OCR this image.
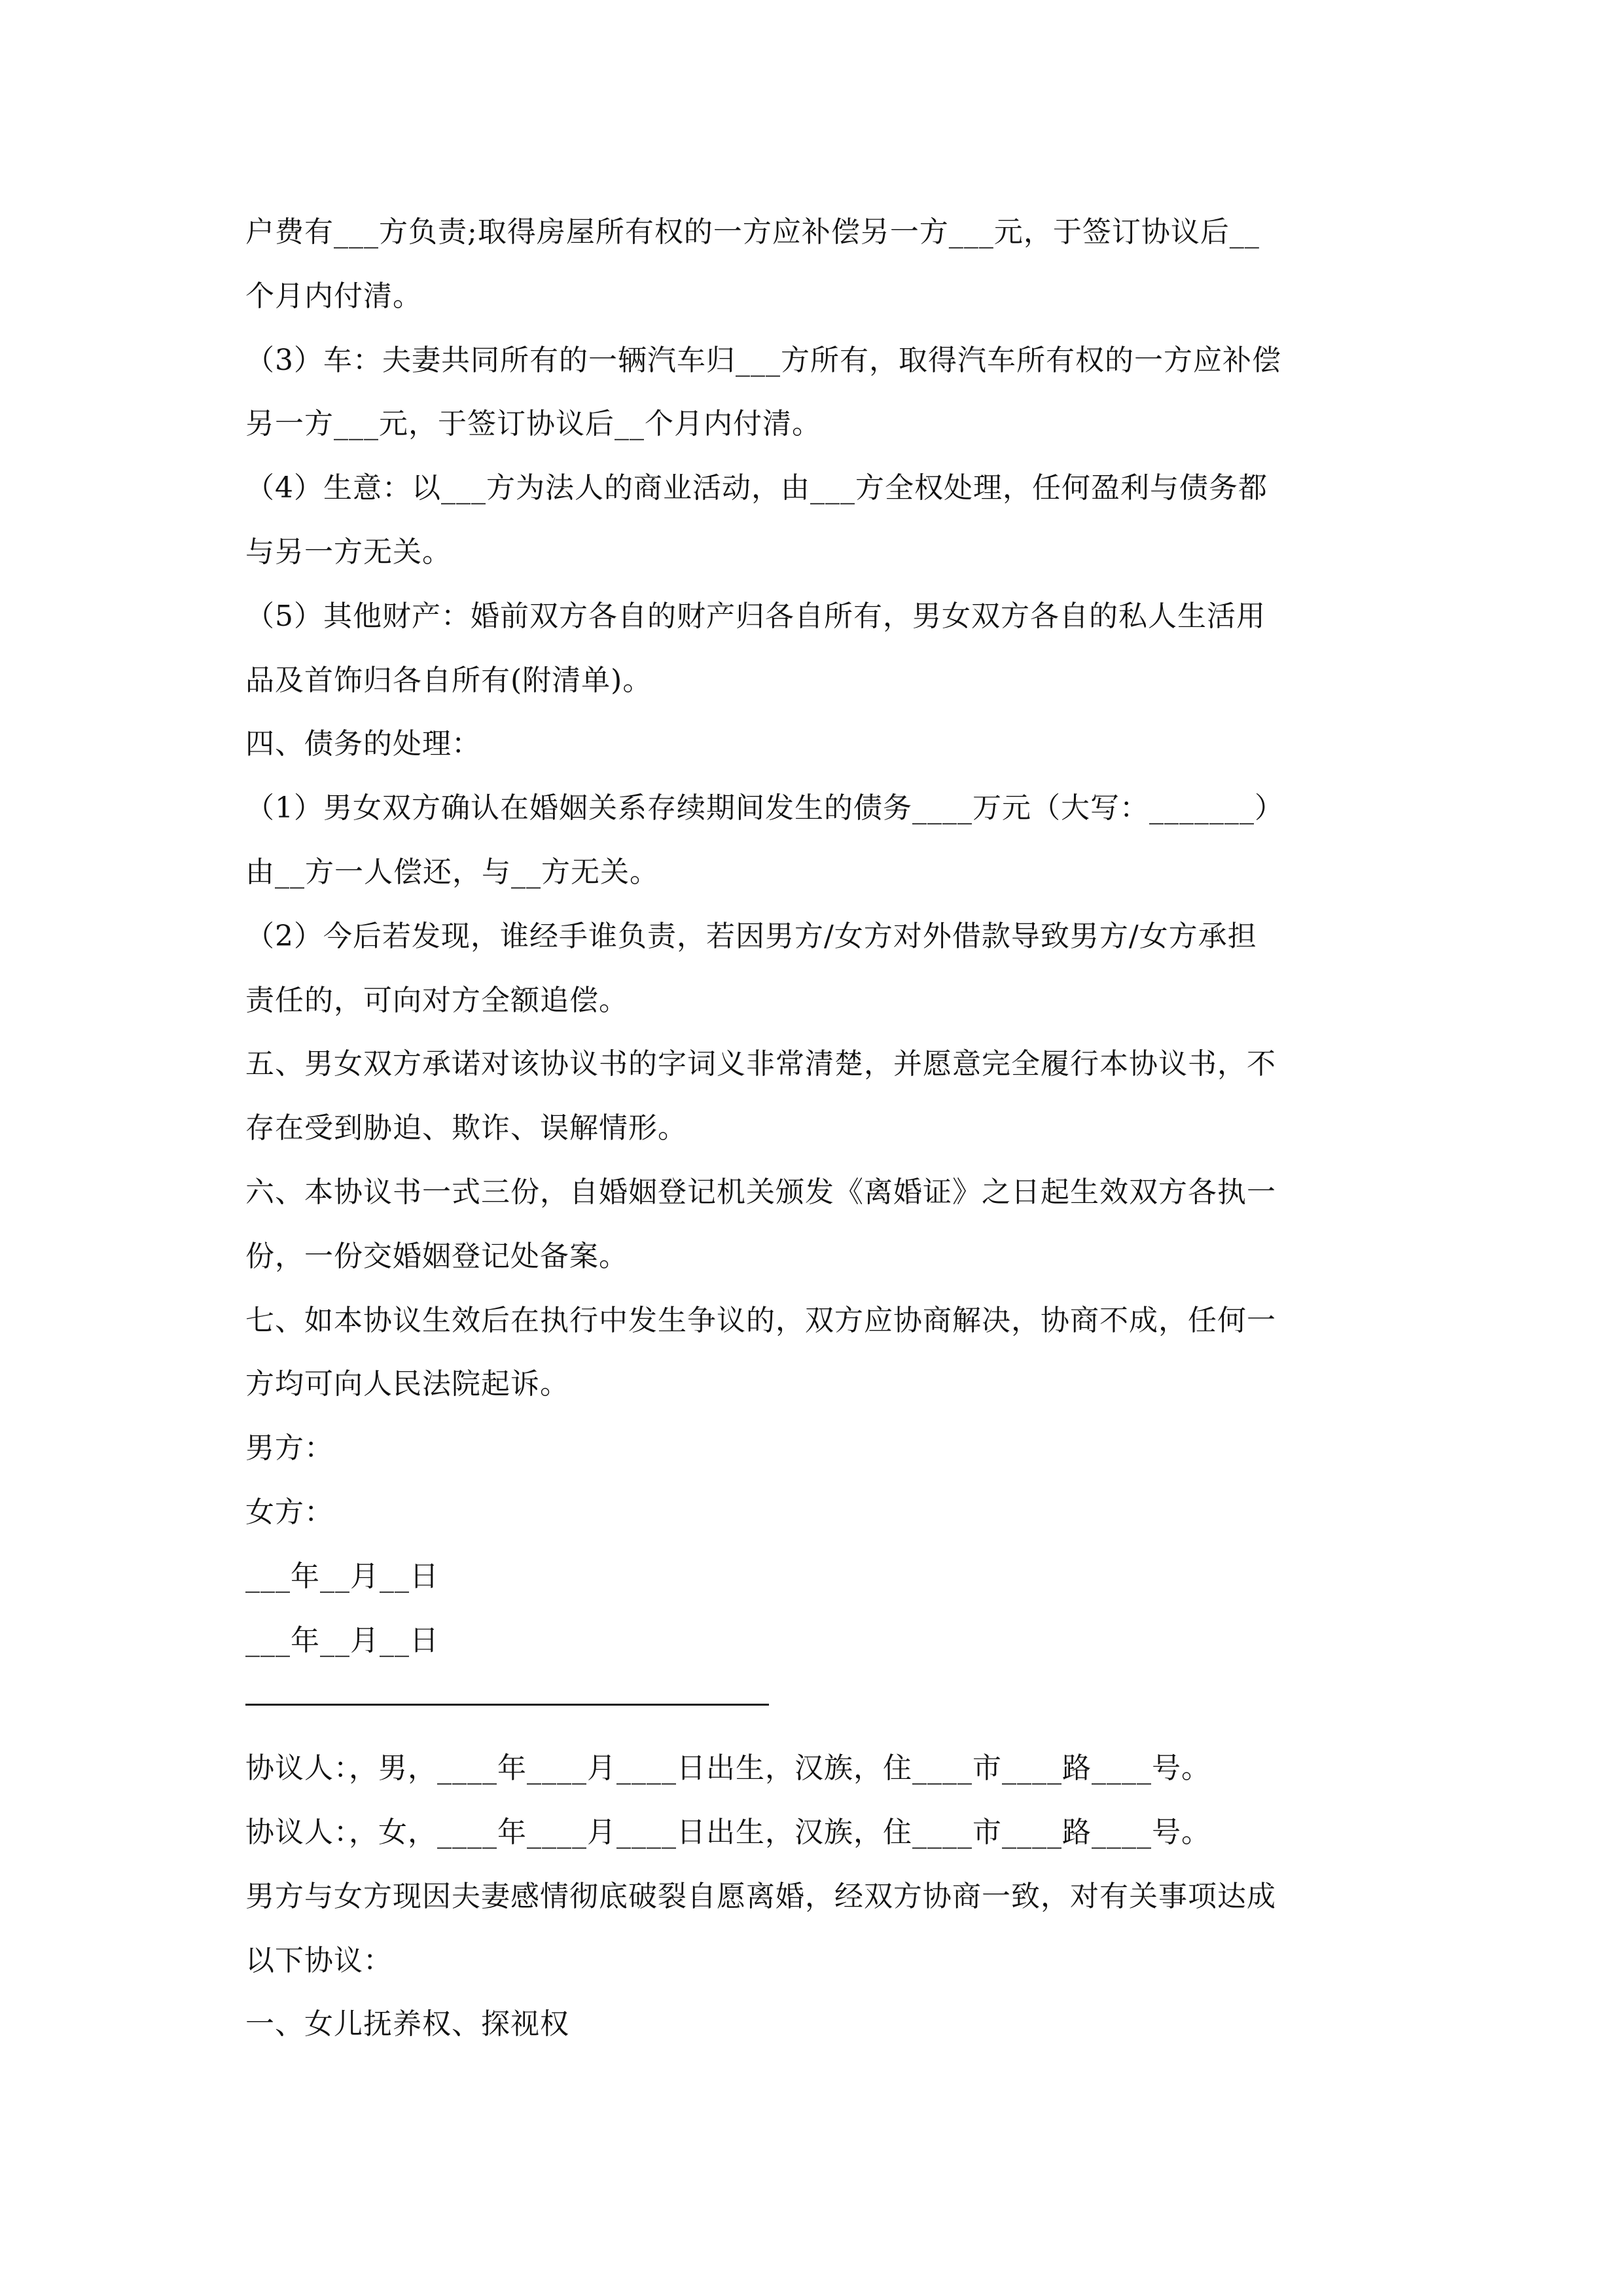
户费有___方负责;取得房屋所有权的一方应补偿另一方___元，于签订协议后__
个月内付清。
（3）车：夫妻共同所有的一辆汽车归___方所有，取得汽车所有权的一方应补偿
另一方___元，于签订协议后__个月内付清。
（4）生意：以___方为法人的商业活动，由___方全权处理，任何盈利与债务都
与另一方无关。
（5）其他财产：婚前双方各自的财产归各自所有，男女双方各自的私人生活用
品及首饰归各自所有(附清单)。
四、债务的处理：
（1）男女双方确认在婚姻关系存续期间发生的债务____万元（大写：_______）
由__方一人偿还，与__方无关。
（2）今后若发现，谁经手谁负责，若因男方/女方对外借款导致男方/女方承担
责任的，可向对方全额追偿。
五、男女双方承诺对该协议书的字词义非常清楚，并愿意完全履行本协议书，不
存在受到胁迫、欺诈、误解情形。
六、本协议书一式三份，自婚姻登记机关颁发《离婚证》之日起生效双方各执一
份，一份交婚姻登记处备案。
七、如本协议生效后在执行中发生争议的，双方应协商解决，协商不成，任何一
方均可向人民法院起诉。
男方：
女方：
___年__月__日
___年__月__日
协议人：，男，____年____月____日出生，汉族，住____市____路____号。
协议人：，女，____年____月____日出生，汉族，住____市____路____号。
男方与女方现因夫妻感情彻底破裂自愿离婚，经双方协商一致，对有关事项达成
以下协议：
一、女儿抚养权、探视权
